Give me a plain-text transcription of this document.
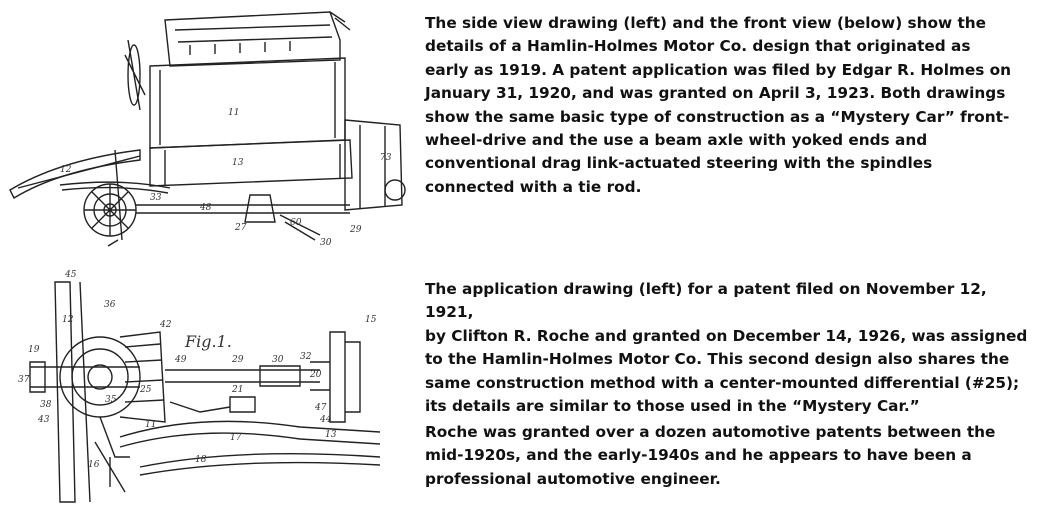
11
13
12
27	29
60
73
48
30
33
Fig.1.
45
12
36
37
42
49
19
38
30
43
47
21
29	32
25
20
11
13
44
15
17
35
18
16

The side view drawing (left) and the front view (below) show the

details of a Hamlin-Holmes Motor Co. design that originated as

early as 1919. A patent application was filed by Edgar R. Holmes on

January 31, 1920, and was granted on April 3, 1923. Both drawings

show the same basic type of construction as a “Mystery Car” front-

wheel-drive and the use a beam axle with yoked ends and

conventional drag link-actuated steering with the spindles

connected with a tie rod.

The application drawing (left) for a patent filed on November 12, 1921,

by Clifton R. Roche and granted on December 14, 1926, was assigned

to the Hamlin-Holmes Motor Co. This second design also shares the

same construction method with a center-mounted differential (#25);

its details are similar to those used in the “Mystery Car.”

Roche was granted over a dozen automotive patents between the

mid-1920s, and the early-1940s and he appears to have been a

professional automotive engineer.
